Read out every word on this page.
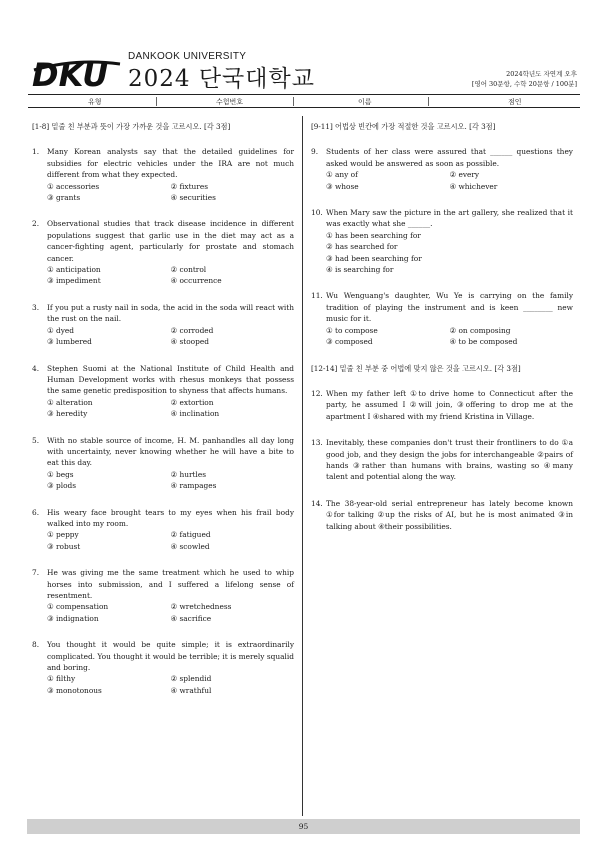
DKU DANKOOK UNIVERSITY
2024 단국대학교	2024학년도 자연계 오후
[영어 30문항, 수학 20문항 / 100분]
유형	수험번호	이름	점인
[1-8] 밑줄 친 부분과 뜻이 가장 가까운 것을 고르시오. [각 3점]
1.	Many Korean analysts say that the detailed guidelines for subsidies for electric vehicles under the IRA are not much different from what they expected.
① accessories	② fixtures
③ grants	④ securities
2.	Observational studies that track disease incidence in different populations suggest that garlic use in the diet may act as a cancer-fighting agent, particularly for prostate and stomach cancer.
① anticipation	② control
③ impediment	④ occurrence
3.	If you put a rusty nail in soda, the acid in the soda will react with the rust on the nail.
① dyed	② corroded
③ lumbered	④ stooped
4.	Stephen Suomi at the National Institute of Child Health and Human Development works with rhesus monkeys that possess the same genetic predisposition to shyness that affects humans.
① alteration	② extortion
③ heredity	④ inclination
5.	With no stable source of income, H. M. panhandles all day long with uncertainty, never knowing whether he will have a bite to eat this day.
① begs	② hurtles
③ plods	④ rampages
6.	His weary face brought tears to my eyes when his frail body walked into my room.
① peppy	② fatigued
③ robust	④ scowled
7.	He was giving me the same treatment which he used to whip horses into submission, and I suffered a lifelong sense of resentment.
① compensation	② wretchedness
③ indignation	④ sacrifice
8.	You thought it would be quite simple; it is extraordinarily complicated. You thought it would be terrible; it is merely squalid and boring.
① filthy	② splendid
③ monotonous	④ wrathful
[9-11] 어법상 빈칸에 가장 적절한 것을 고르시오. [각 3점]
9.	Students of her class were assured that ______ questions they asked would be answered as soon as possible.
① any of	② every
③ whose	④ whichever
10. When Mary saw the picture in the art gallery, she realized that it was exactly what she ______.
① has been searching for
② has searched for
③ had been searching for
④ is searching for
11. Wu Wenguang's daughter, Wu Ye is carrying on the family tradition of playing the instrument and is keen ________ new music for it.
① to compose	② on composing
③ composed	④ to be composed
[12-14] 밑줄 친 부분 중 어법에 맞지 않은 것을 고르시오. [각 3점]
12. When my father left ①to drive home to Connecticut after the party, he assumed I ②will join, ③offering to drop me at the apartment I ④shared with my friend Kristina in Village.
13. Inevitably, these companies don't trust their frontliners to do ①a good job, and they design the jobs for interchangeable ②pairs of hands ③rather than humans with brains, wasting so ④many talent and potential along the way.
14. The 38-year-old serial entrepreneur has lately become known ①for talking ②up the risks of AI, but he is most animated ③in talking about ④their possibilities.
95
